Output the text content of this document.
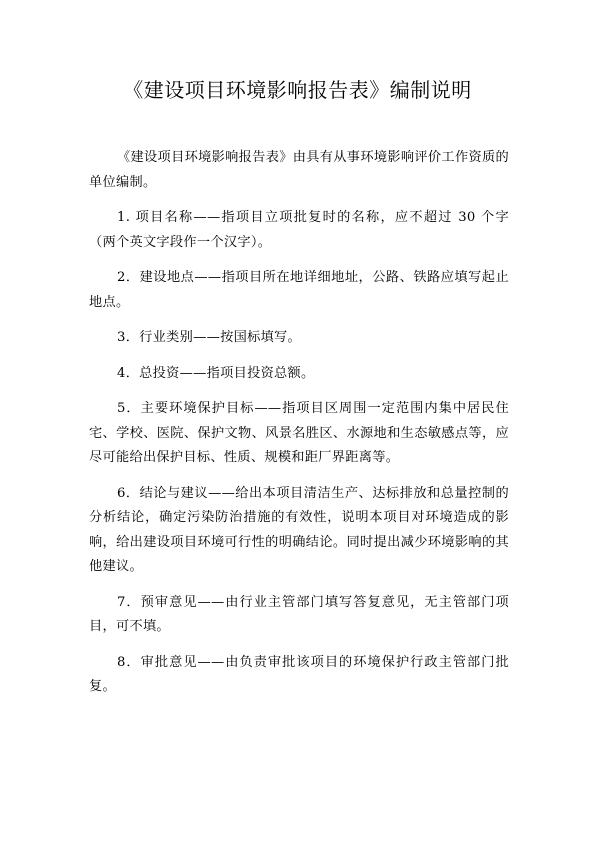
《建设项目环境影响报告表》编制说明

《建设项目环境影响报告表》由具有从事环境影响评价工作资质的单位编制。

1. 项目名称——指项目立项批复时的名称，应不超过 30 个字（两个英文字段作一个汉字）。

2．建设地点——指项目所在地详细地址，公路、铁路应填写起止地点。

3．行业类别——按国标填写。

4．总投资——指项目投资总额。

5．主要环境保护目标——指项目区周围一定范围内集中居民住宅、学校、医院、保护文物、风景名胜区、水源地和生态敏感点等，应尽可能给出保护目标、性质、规模和距厂界距离等。

6．结论与建议——给出本项目清洁生产、达标排放和总量控制的分析结论，确定污染防治措施的有效性，说明本项目对环境造成的影响，给出建设项目环境可行性的明确结论。同时提出减少环境影响的其他建议。

7．预审意见——由行业主管部门填写答复意见，无主管部门项目，可不填。

8．审批意见——由负责审批该项目的环境保护行政主管部门批复。
